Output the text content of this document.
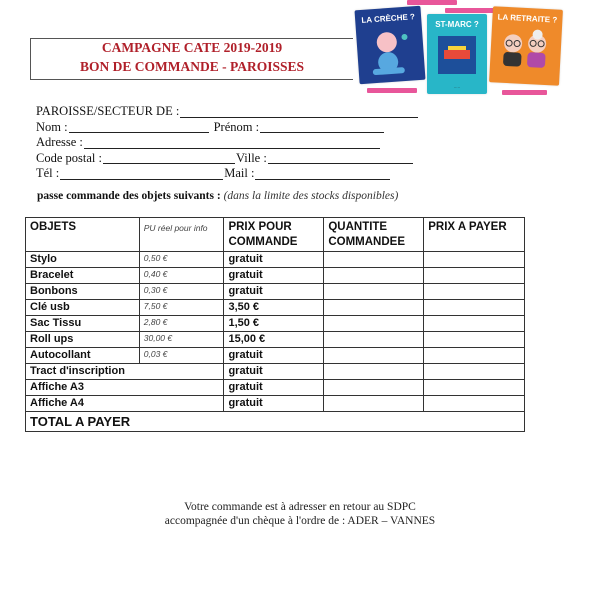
CAMPAGNE CATE 2019-2019
BON DE COMMANDE - PAROISSES
LA CRÈCHE ?	LA RETRAITE ?
ST-MARC ?
·····
PAROISSE/SECTEUR DE :
Nom :	Prénom :
Adresse :
Code postal :	Ville :
Tél :	Mail :
passe commande des objets suivants : (dans la limite des stocks disponibles)
OBJETS	PU réel pour info	PRIX POUR COMMANDE	QUANTITE COMMANDEE	PRIX A PAYER
Stylo	0,50 €	gratuit		
Bracelet	0,40 €	gratuit		
Bonbons	0,30 €	gratuit		
Clé usb	7,50 €	3,50 €		
Sac Tissu	2,80 €	1,50 €		
Roll ups	30,00 €	15,00 €		
Autocollant	0,03 €	gratuit		
Tract d'inscription		gratuit		
Affiche A3		gratuit		
Affiche A4		gratuit		
TOTAL A PAYER				
Votre commande est à adresser en retour au SDPC
accompagnée d'un chèque à l'ordre de : ADER – VANNES
